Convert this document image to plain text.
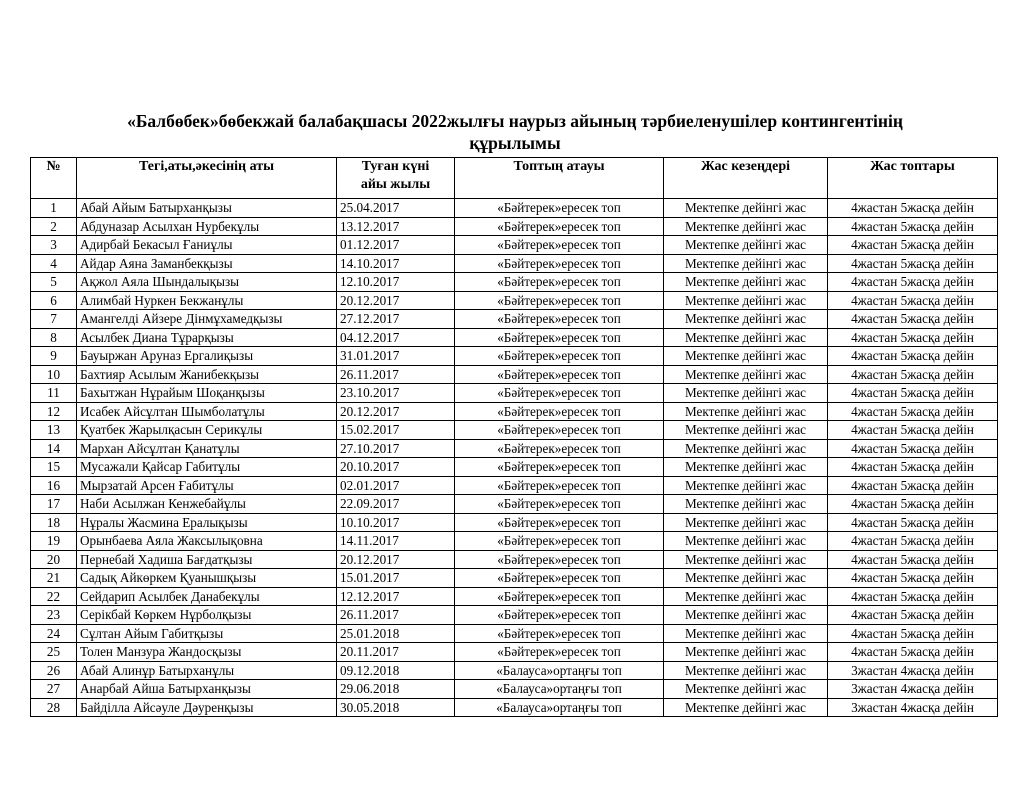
«Балбөбек»бөбекжай балабақшасы 2022жылғы наурыз айының тәрбиеленушілер контингентінің
құрылымы
№	Тегі,аты,әкесінің аты	Туған күні
айы жылы	Топтың атауы	Жас кезеңдері	Жас топтары
1	Абай Айым Батырханқызы	25.04.2017	«Бәйтерек»ересек топ	Мектепке дейінгі жас	4жастан 5жасқа дейін
2	Абдуназар Асылхан Нурбекұлы	13.12.2017	«Бәйтерек»ересек топ	Мектепке дейінгі жас	4жастан 5жасқа дейін
3	Адирбай Бекасыл Ғаниұлы	01.12.2017	«Бәйтерек»ересек топ	Мектепке дейінгі жас	4жастан 5жасқа дейін
4	Айдар Аяна Заманбекқызы	14.10.2017	«Бәйтерек»ересек топ	Мектепке дейінгі жас	4жастан 5жасқа дейін
5	Ақжол Аяла Шындалықызы	12.10.2017	«Бәйтерек»ересек топ	Мектепке дейінгі жас	4жастан 5жасқа дейін
6	Алимбай Нуркен Бекжанұлы	20.12.2017	«Бәйтерек»ересек топ	Мектепке дейінгі жас	4жастан 5жасқа дейін
7	Амангелді Айзере Дінмұхамедқызы	27.12.2017	«Бәйтерек»ересек топ	Мектепке дейінгі жас	4жастан 5жасқа дейін
8	Асылбек Диана Тұрарқызы	04.12.2017	«Бәйтерек»ересек топ	Мектепке дейінгі жас	4жастан 5жасқа дейін
9	Бауыржан Аруназ Ергалиқызы	31.01.2017	«Бәйтерек»ересек топ	Мектепке дейінгі жас	4жастан 5жасқа дейін
10	Бахтияр Асылым Жанибекқызы	26.11.2017	«Бәйтерек»ересек топ	Мектепке дейінгі жас	4жастан 5жасқа дейін
11	Бахытжан Нұрайым Шоқанқызы	23.10.2017	«Бәйтерек»ересек топ	Мектепке дейінгі жас	4жастан 5жасқа дейін
12	Исабек Айсұлтан Шымболатұлы	20.12.2017	«Бәйтерек»ересек топ	Мектепке дейінгі жас	4жастан 5жасқа дейін
13	Қуатбек Жарылқасын Серикұлы	15.02.2017	«Бәйтерек»ересек топ	Мектепке дейінгі жас	4жастан 5жасқа дейін
14	Мархан Айсұлтан Қанатұлы	27.10.2017	«Бәйтерек»ересек топ	Мектепке дейінгі жас	4жастан 5жасқа дейін
15	Мусажали Қайсар Габитұлы	20.10.2017	«Бәйтерек»ересек топ	Мектепке дейінгі жас	4жастан 5жасқа дейін
16	Мырзатай Арсен Ғабитұлы	02.01.2017	«Бәйтерек»ересек топ	Мектепке дейінгі жас	4жастан 5жасқа дейін
17	Наби Асылжан Кенжебайұлы	22.09.2017	«Бәйтерек»ересек топ	Мектепке дейінгі жас	4жастан 5жасқа дейін
18	Нұралы Жасмина Ералықызы	10.10.2017	«Бәйтерек»ересек топ	Мектепке дейінгі жас	4жастан 5жасқа дейін
19	Орынбаева Аяла Жаксылықовна	14.11.2017	«Бәйтерек»ересек топ	Мектепке дейінгі жас	4жастан 5жасқа дейін
20	Пернебай Хадиша Бағдатқызы	20.12.2017	«Бәйтерек»ересек топ	Мектепке дейінгі жас	4жастан 5жасқа дейін
21	Садық Айкөркем Қуанышқызы	15.01.2017	«Бәйтерек»ересек топ	Мектепке дейінгі жас	4жастан 5жасқа дейін
22	Сейдарип Асылбек Данабекұлы	12.12.2017	«Бәйтерек»ересек топ	Мектепке дейінгі жас	4жастан 5жасқа дейін
23	Серікбай Көркем Нұрболқызы	26.11.2017	«Бәйтерек»ересек топ	Мектепке дейінгі жас	4жастан 5жасқа дейін
24	Сұлтан Айым Габитқызы	25.01.2018	«Бәйтерек»ересек топ	Мектепке дейінгі жас	4жастан 5жасқа дейін
25	Толен Манзура Жандосқызы	20.11.2017	«Бәйтерек»ересек топ	Мектепке дейінгі жас	4жастан 5жасқа дейін
26	Абай Алинұр Батырханұлы	09.12.2018	«Балауса»ортаңғы топ	Мектепке дейінгі жас	3жастан 4жасқа дейін
27	Анарбай Айша Батырханқызы	29.06.2018	«Балауса»ортаңғы топ	Мектепке дейінгі жас	3жастан 4жасқа дейін
28	Байділла Айсәуле Дәуренқызы	30.05.2018	«Балауса»ортаңғы топ	Мектепке дейінгі жас	3жастан 4жасқа дейін
